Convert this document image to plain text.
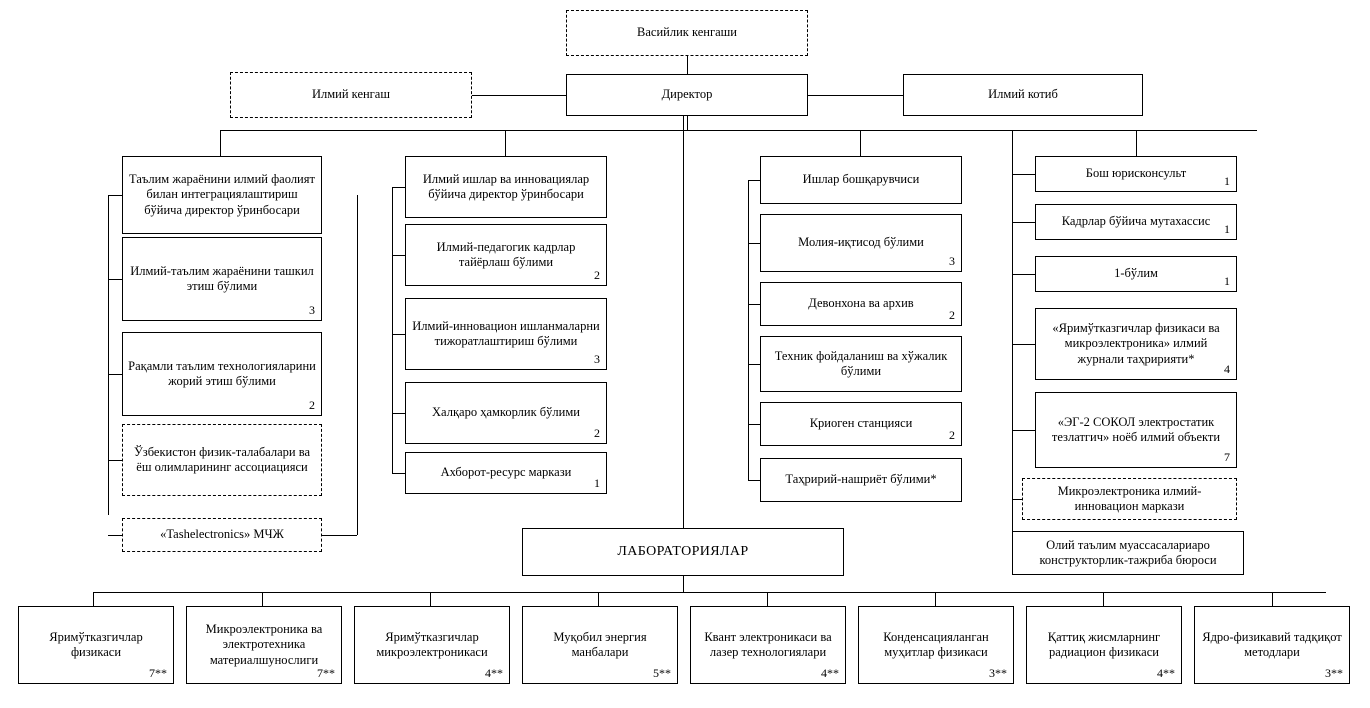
Васийлик кенгаши
Директор
Илмий кенгаш	Илмий котиб
Таълим жараёнини илмий фаолият билан интеграциялаштириш бўйича директор ўринбосари
Илмий-таълим жараёнини ташкил этиш бўлими
3
Рақамли таълим технологияларини жорий этиш бўлими
2
Ўзбекистон физик-талабалари ва ёш олимларининг ассоциацияси
«Tashelectronics» МЧЖ
Илмий ишлар ва инновациялар бўйича директор ўринбосари
Илмий-педагогик кадрлар тайёрлаш бўлими
2
Илмий-инновацион ишланмаларни тижоратлаштириш бўлими
3
Халқаро ҳамкорлик бўлими
2
Ахборот-ресурс маркази
1
Ишлар бошқарувчиси
Молия-иқтисод бўлими
3
Девонхона ва архив
2
Техник фойдаланиш ва хўжалик бўлими
Криоген станцияси
2
Таҳририй-нашриёт бўлими*
Бош юрисконсульт
1
Кадрлар бўйича мутахассис
1
1-бўлим
1
«Яримўтказгичлар физикаси ва микроэлектроника» илмий журнали таҳририяти*
4
«ЭГ-2 СОКОЛ электростатик тезлатгич» ноёб илмий объекти
7
Микроэлектроника илмий-инновацион маркази
Олий таълим муассасалариаро конструкторлик-тажриба бюроси
ЛАБОРАТОРИЯЛАР
Яримўтказгичлар физикаси
7**
Микроэлектроника ва электротехника материалшунослиги
7**
Яримўтказгичлар микроэлектроникаси
4**
Муқобил энергия манбалари
5**
Квант электроникаси ва лазер технологиялари
4**
Конденсацияланган муҳитлар физикаси
3**
Қаттиқ жисмларнинг радиацион физикаси
4**
Ядро-физикавий тадқиқот методлари
3**
